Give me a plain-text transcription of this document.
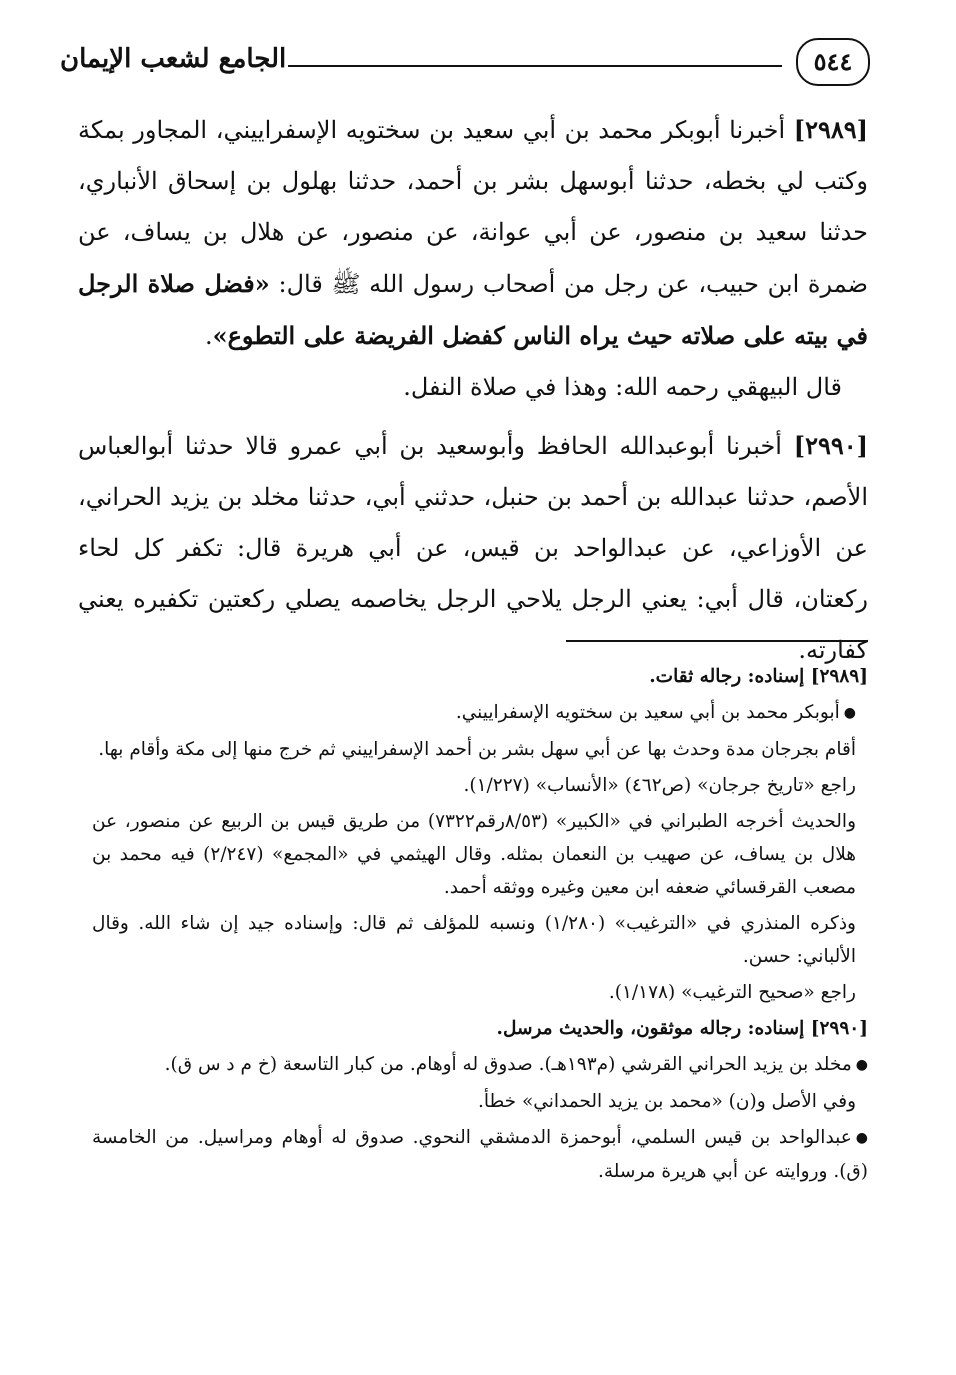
الجامع لشعب الإيمان	٥٤٤

[٢٩٨٩] أخبرنا أبوبكر محمد بن أبي سعيد بن سختويه الإسفراييني، المجاور بمكة وكتب لي بخطه، حدثنا أبوسهل بشر بن أحمد، حدثنا بهلول بن إسحاق الأنباري، حدثنا سعيد بن منصور، عن أبي عوانة، عن منصور، عن هلال بن يساف، عن ضمرة ابن حبيب، عن رجل من أصحاب رسول الله ﷺ قال: «فضل صلاة الرجل في بيته على صلاته حيث يراه الناس كفضل الفريضة على التطوع».

قال البيهقي رحمه الله: وهذا في صلاة النفل.

[٢٩٩٠] أخبرنا أبوعبدالله الحافظ وأبوسعيد بن أبي عمرو قالا حدثنا أبوالعباس الأصم، حدثنا عبدالله بن أحمد بن حنبل، حدثني أبي، حدثنا مخلد بن يزيد الحراني، عن الأوزاعي، عن عبدالواحد بن قيس، عن أبي هريرة قال: تكفر كل لحاء ركعتان، قال أبي: يعني الرجل يلاحي الرجل يخاصمه يصلي ركعتين تكفيره يعني كفارته.

[٢٩٨٩] إسناده: رجاله ثقات.

●أبوبكر محمد بن أبي سعيد بن سختويه الإسفراييني.

أقام بجرجان مدة وحدث بها عن أبي سهل بشر بن أحمد الإسفراييني ثم خرج منها إلى مكة وأقام بها.

راجع «تاريخ جرجان» (ص٤٦٢) «الأنساب» (١/٢٢٧).

والحديث أخرجه الطبراني في «الكبير» (٨/٥٣رقم٧٣٢٢) من طريق قيس بن الربيع عن منصور، عن هلال بن يساف، عن صهيب بن النعمان بمثله. وقال الهيثمي في «المجمع» (٢/٢٤٧) فيه محمد بن مصعب القرقسائي ضعفه ابن معين وغيره ووثقه أحمد.

وذكره المنذري في «الترغيب» (١/٢٨٠) ونسبه للمؤلف ثم قال: وإسناده جيد إن شاء الله. وقال الألباني: حسن.

راجع «صحيح الترغيب» (١/١٧٨).

[٢٩٩٠] إسناده: رجاله موثقون، والحديث مرسل.

●مخلد بن يزيد الحراني القرشي (م١٩٣هـ). صدوق له أوهام. من كبار التاسعة (خ م د س ق).

وفي الأصل و(ن) «محمد بن يزيد الحمداني» خطأ.

●عبدالواحد بن قيس السلمي، أبوحمزة الدمشقي النحوي. صدوق له أوهام ومراسيل. من الخامسة (ق). وروايته عن أبي هريرة مرسلة.
